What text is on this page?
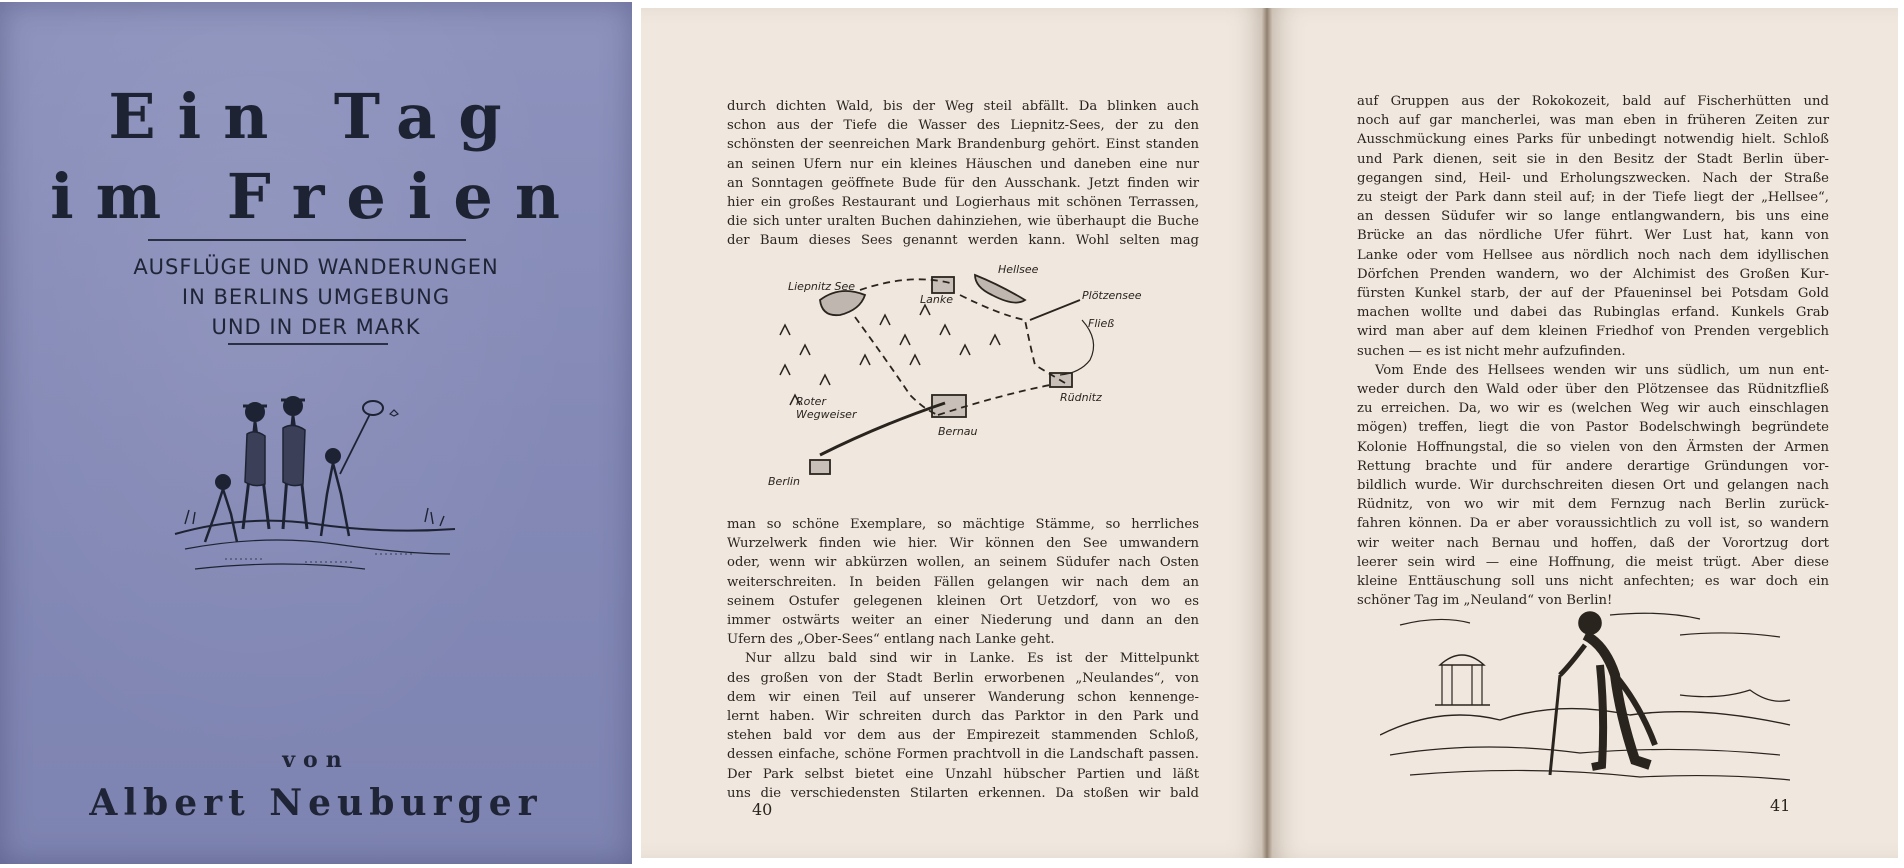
Ein Tag
im Freien
AUSFLÜGE UND WANDERUNGEN
IN BERLINS UMGEBUNG
UND IN DER MARK
von
Albert Neuburger
durch dichten Wald, bis der Weg steil abfällt. Da blinken auch
schon aus der Tiefe die Wasser des Liepnitz-Sees, der zu den
schönsten der seenreichen Mark Brandenburg gehört. Einst standen
an seinen Ufern nur ein kleines Häuschen und daneben eine nur
an Sonntagen geöffnete Bude für den Ausschank. Jetzt finden wir
hier ein großes Restaurant und Logierhaus mit schönen Terrassen,
die sich unter uralten Buchen dahinziehen, wie überhaupt die Buche
der Baum dieses Sees genannt werden kann. Wohl selten mag
Liepnitz See
Hellsee
Lanke	Plötzensee
Fließ
Roter
Wegweiser
Rüdnitz
Bernau
Berlin
man so schöne Exemplare, so mächtige Stämme, so herrliches
Wurzelwerk finden wie hier. Wir können den See umwandern
oder, wenn wir abkürzen wollen, an seinem Südufer nach Osten
weiterschreiten. In beiden Fällen gelangen wir nach dem an
seinem Ostufer gelegenen kleinen Ort Uetzdorf, von wo es
immer ostwärts weiter an einer Niederung und dann an den
Ufern des „Ober-Sees“ entlang nach Lanke geht.
Nur allzu bald sind wir in Lanke. Es ist der Mittelpunkt
des großen von der Stadt Berlin erworbenen „Neulandes“, von
dem wir einen Teil auf unserer Wanderung schon kennenge-
lernt haben. Wir schreiten durch das Parktor in den Park und
stehen bald vor dem aus der Empirezeit stammenden Schloß,
dessen einfache, schöne Formen prachtvoll in die Landschaft passen.
Der Park selbst bietet eine Unzahl hübscher Partien und läßt
uns die verschiedensten Stilarten erkennen. Da stoßen wir bald
40
auf Gruppen aus der Rokokozeit, bald auf Fischerhütten und
noch auf gar mancherlei, was man eben in früheren Zeiten zur
Ausschmückung eines Parks für unbedingt notwendig hielt. Schloß
und Park dienen, seit sie in den Besitz der Stadt Berlin über-
gegangen sind, Heil- und Erholungszwecken. Nach der Straße
zu steigt der Park dann steil auf; in der Tiefe liegt der „Hellsee“,
an dessen Südufer wir so lange entlangwandern, bis uns eine
Brücke an das nördliche Ufer führt. Wer Lust hat, kann von
Lanke oder vom Hellsee aus nördlich noch nach dem idyllischen
Dörfchen Prenden wandern, wo der Alchimist des Großen Kur-
fürsten Kunkel starb, der auf der Pfaueninsel bei Potsdam Gold
machen wollte und dabei das Rubinglas erfand. Kunkels Grab
wird man aber auf dem kleinen Friedhof von Prenden vergeblich
suchen — es ist nicht mehr aufzufinden.
Vom Ende des Hellsees wenden wir uns südlich, um nun ent-
weder durch den Wald oder über den Plötzensee das Rüdnitzfließ
zu erreichen. Da, wo wir es (welchen Weg wir auch einschlagen
mögen) treffen, liegt die von Pastor Bodelschwingh begründete
Kolonie Hoffnungstal, die so vielen von den Ärmsten der Armen
Rettung brachte und für andere derartige Gründungen vor-
bildlich wurde. Wir durchschreiten diesen Ort und gelangen nach
Rüdnitz, von wo wir mit dem Fernzug nach Berlin zurück-
fahren können. Da er aber voraussichtlich zu voll ist, so wandern
wir weiter nach Bernau und hoffen, daß der Vorortzug dort
leerer sein wird — eine Hoffnung, die meist trügt. Aber diese
kleine Enttäuschung soll uns nicht anfechten; es war doch ein
schöner Tag im „Neuland“ von Berlin!
41
